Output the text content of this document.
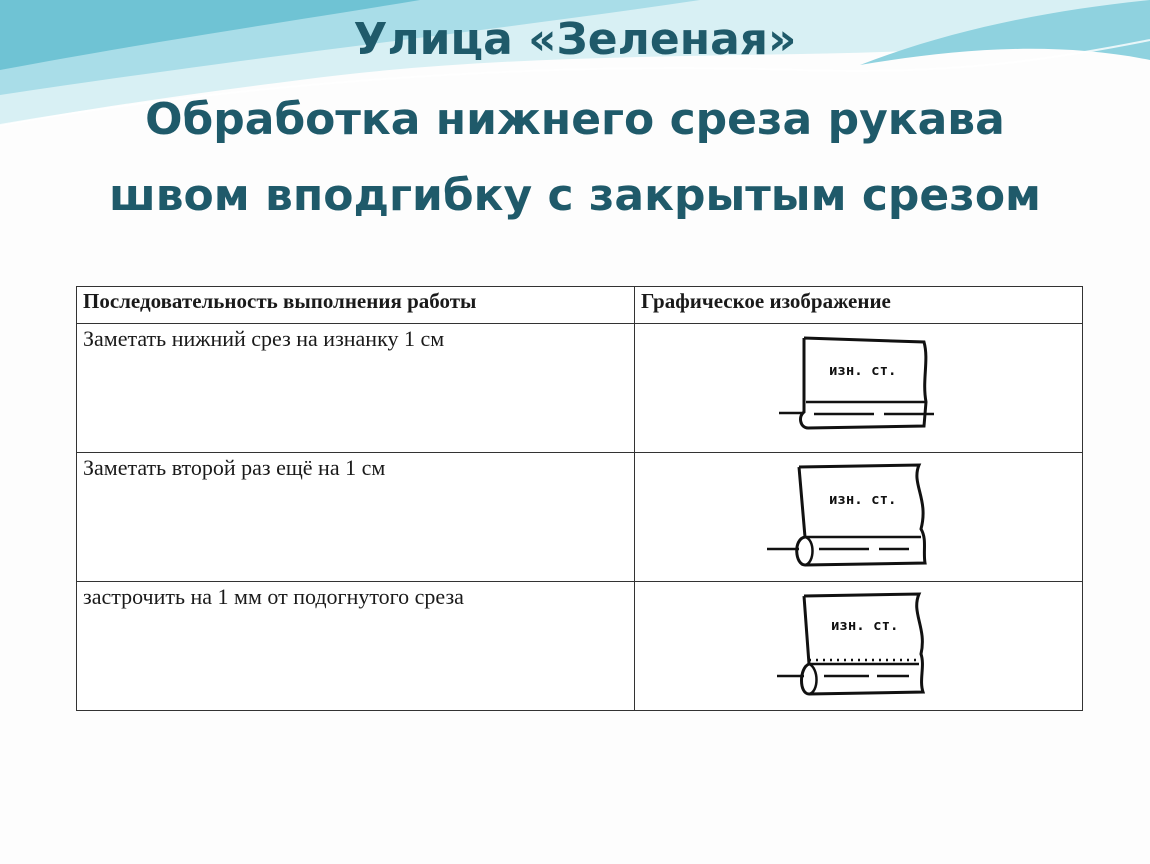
Улица «Зеленая»
Обработка нижнего среза рукава
швом вподгибку с закрытым срезом
Последовательность выполнения работы	Графическое изображение
Заметать нижний срез на изнанку 1 см	изн. ст.

Заметать второй раз ещё на 1 см	изн. ст.

застрочить на 1 мм от подогнутого среза	изн. ст.
